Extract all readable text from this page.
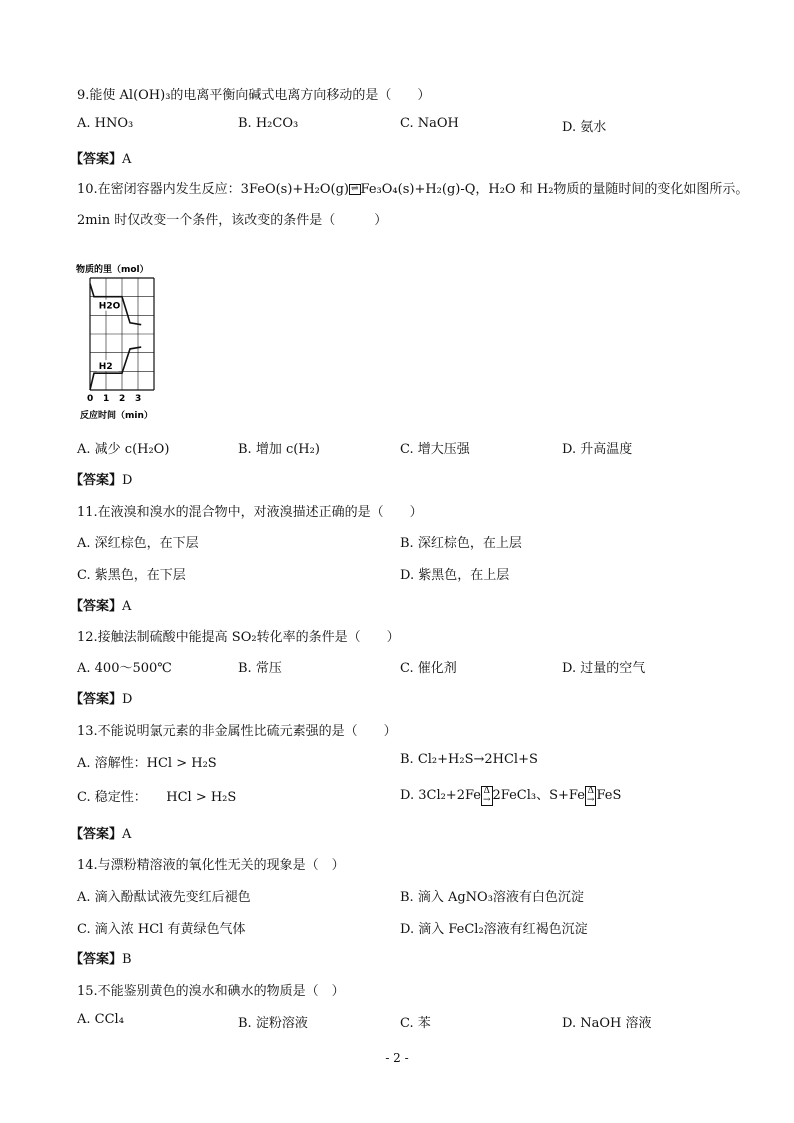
9.能使 Al(OH)₃的电离平衡向碱式电离方向移动的是（　　）
A. HNO₃	B. H₂CO₃	C. NaOH	D. 氨水
【答案】A
10.在密闭容器内发生反应：3FeO(s)+H₂O(g) ⇌ Fe₃O₄(s)+H₂(g)-Q，H₂O 和 H₂物质的量随时间的变化如图所示。
2min 时仅改变一个条件，该改变的条件是（　　　）
物质的里（mol）
H2O
H2
0 1 2 3
反应时间（min）
A. 减少 c(H₂O)	B. 增加 c(H₂)	C. 增大压强	D. 升高温度
【答案】D
11.在液溴和溴水的混合物中，对液溴描述正确的是（　　）
A. 深红棕色，在下层	B. 深红棕色，在上层
C. 紫黑色，在下层	D. 紫黑色，在上层
【答案】A
12.接触法制硫酸中能提高 SO₂转化率的条件是（　　）
A. 400～500℃	B. 常压	C. 催化剂	D. 过量的空气
【答案】D
13.不能说明氯元素的非金属性比硫元素强的是（　　）
A. 溶解性：HCl > H₂S	B. Cl₂+H₂S→2HCl+S
C. 稳定性：　　HCl > H₂S	D. 3Cl₂+2Fe Δ
→ 2FeCl₃、S+Fe Δ
→ FeS
【答案】A
14.与漂粉精溶液的氧化性无关的现象是（　）
A. 滴入酚酞试液先变红后褪色	B. 滴入 AgNO₃溶液有白色沉淀
C. 滴入浓 HCl 有黄绿色气体	D. 滴入 FeCl₂溶液有红褐色沉淀
【答案】B
15.不能鉴别黄色的溴水和碘水的物质是（　）
A. CCl₄	B. 淀粉溶液	C. 苯	D. NaOH 溶液
- 2 -
